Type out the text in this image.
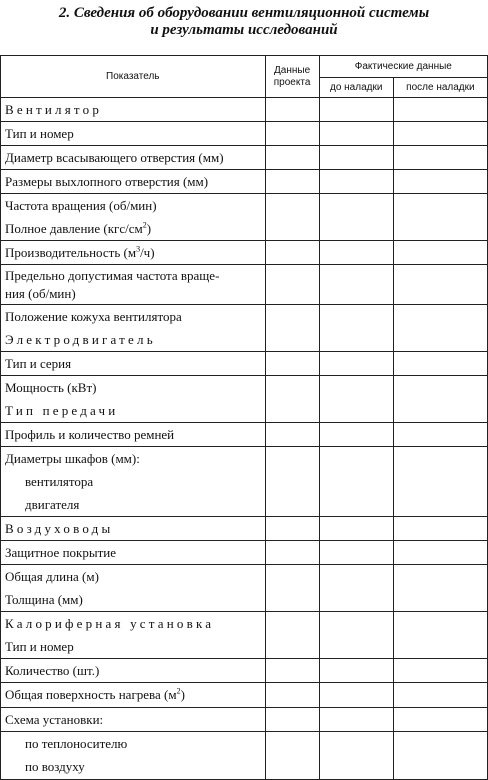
2. Сведения об оборудовании вентиляционной системы
и результаты исследований
Показатель	Данные проекта	Фактические данные	
		до наладки	после наладки

Вентилятор			

Тип и номер			

Диаметр всасывающего отверстия (мм)			

Размеры выхлопного отверстия (мм)			

Частота вращения (об/мин)
Полное давление $(кгс/см^2)$			

Производительность $(м^3/ч)$			

Предельно допустимая частота враще-
ния (об/мин)			

Положение кожуха вентилятора
Электродвигатель			

Тип и серия			

Мощность (кВт)
Тип передачи			

Профиль и количество ремней			

Диаметры шкафов (мм):
вентилятора
двигателя			

Воздуховоды			

Защитное покрытие			

Общая длина (м)
Толщина (мм)			

Калориферная установка
Тип и номер			

Количество (шт.)			

Общая поверхность нагрева $(м^2)$			

Схема установки:			

по теплоносителю
по воздуху			
